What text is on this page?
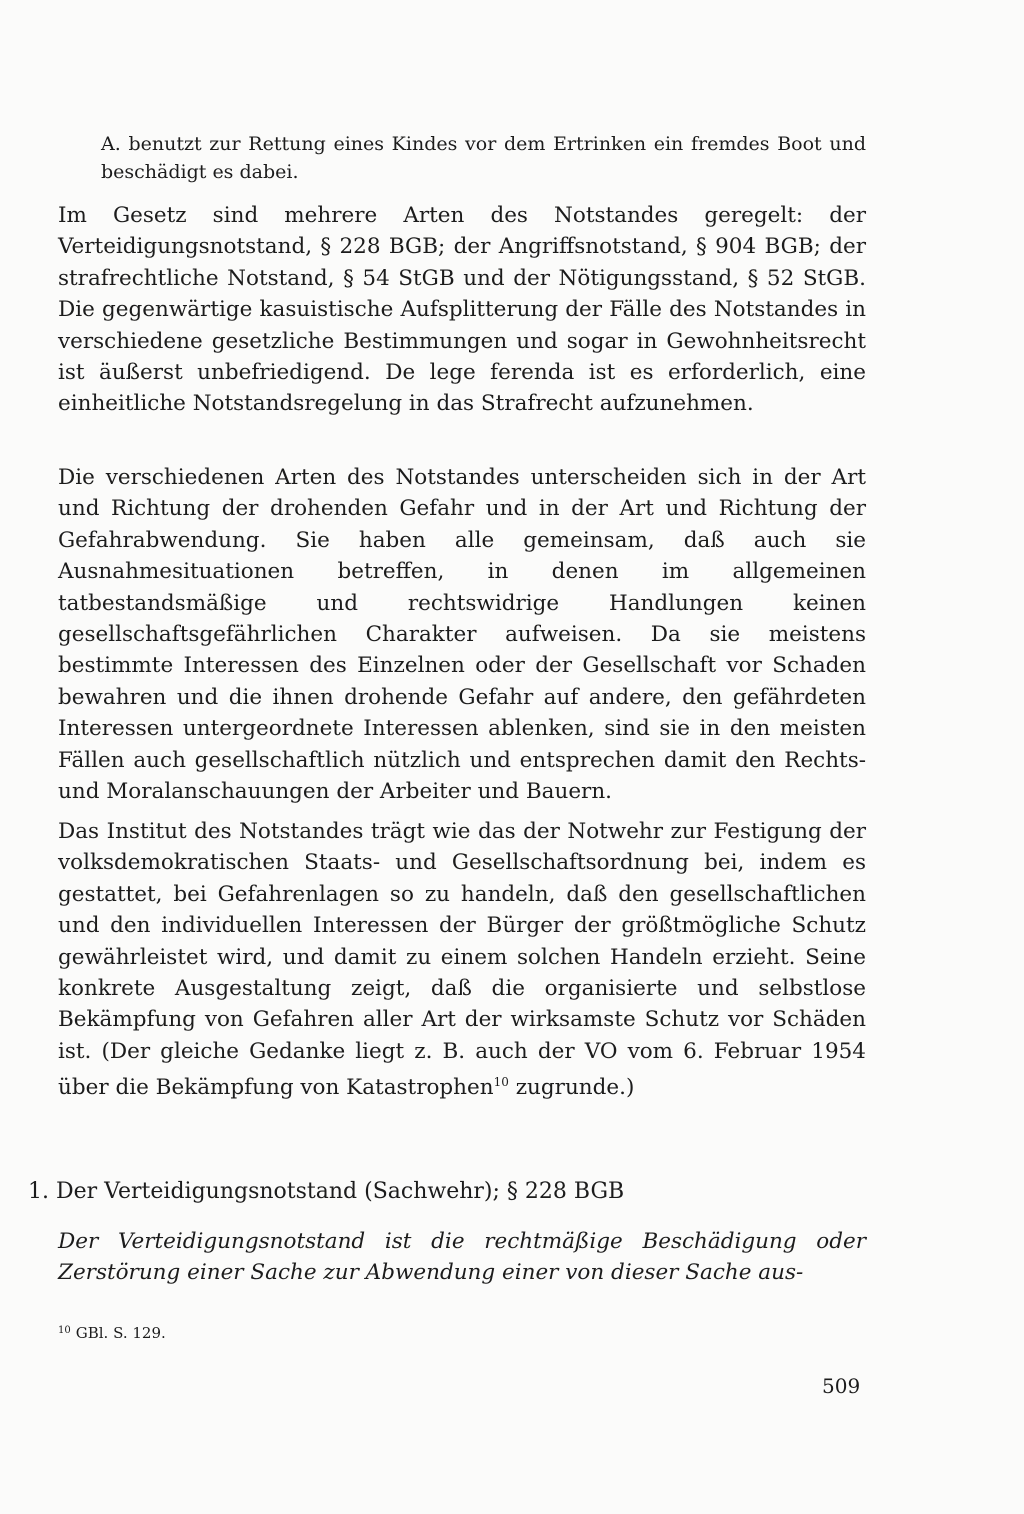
A. benutzt zur Rettung eines Kindes vor dem Ertrinken ein fremdes Boot und beschädigt es dabei.

Im Gesetz sind mehrere Arten des Notstandes geregelt: der Verteidigungsnotstand, § 228 BGB; der Angriffsnotstand, § 904 BGB; der strafrechtliche Notstand, § 54 StGB und der Nötigungsstand, § 52 StGB. Die gegenwärtige kasuistische Aufsplitterung der Fälle des Notstandes in verschiedene gesetzliche Bestimmungen und sogar in Gewohnheitsrecht ist äußerst unbefriedigend. De lege ferenda ist es erforderlich, eine einheitliche Notstandsregelung in das Strafrecht aufzunehmen.

Die verschiedenen Arten des Notstandes unterscheiden sich in der Art und Richtung der drohenden Gefahr und in der Art und Richtung der Gefahrabwendung. Sie haben alle gemeinsam, daß auch sie Ausnahmesituationen betreffen, in denen im allgemeinen tatbestandsmäßige und rechtswidrige Handlungen keinen gesellschaftsgefährlichen Charakter aufweisen. Da sie meistens bestimmte Interessen des Einzelnen oder der Gesellschaft vor Schaden bewahren und die ihnen drohende Gefahr auf andere, den gefährdeten Interessen untergeordnete Interessen ablenken, sind sie in den meisten Fällen auch gesellschaftlich nützlich und entsprechen damit den Rechts- und Moralanschauungen der Arbeiter und Bauern.

Das Institut des Notstandes trägt wie das der Notwehr zur Festigung der volksdemokratischen Staats- und Gesellschaftsordnung bei, indem es gestattet, bei Gefahrenlagen so zu handeln, daß den gesellschaftlichen und den individuellen Interessen der Bürger der größtmögliche Schutz gewährleistet wird, und damit zu einem solchen Handeln erzieht. Seine konkrete Ausgestaltung zeigt, daß die organisierte und selbstlose Bekämpfung von Gefahren aller Art der wirksamste Schutz vor Schäden ist. (Der gleiche Gedanke liegt z. B. auch der VO vom 6. Februar 1954 über die Bekämpfung von Katastrophen$^{10}$ zugrunde.)

1. Der Verteidigungsnotstand (Sachwehr); § 228 BGB

Der Verteidigungsnotstand ist die rechtmäßige Beschädigung oder Zerstörung einer Sache zur Abwendung einer von dieser Sache aus-

$^{10}$ GBl. S. 129.

509
